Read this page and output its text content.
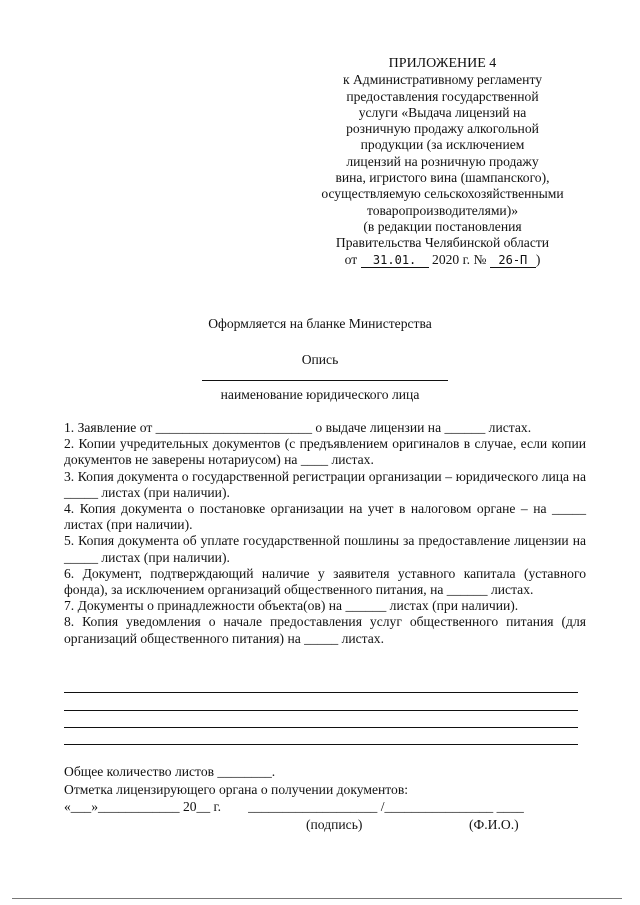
ПРИЛОЖЕНИЕ 4
к Административному регламенту
предоставления государственной
услуги «Выдача лицензий на
розничную продажу алкогольной
продукции (за исключением
лицензий на розничную продажу
вина, игристого вина (шампанского),
осуществляемую сельскохозяйственными
товаропроизводителями)»
(в редакции постановления
Правительства Челябинской области
от 31.01. 2020 г. № 26-П )
Оформляется на бланке Министерства
Опись
наименование юридического лица

1. Заявление от _______________________ о выдаче лицензии на ______ листах.

2. Копии учредительных документов (с предъявлением оригиналов в случае, если копии документов не заверены нотариусом) на ____ листах.

3. Копия документа о государственной регистрации организации – юридического лица на _____ листах (при наличии).

4. Копия документа о постановке организации на учет в налоговом органе – на _____ листах (при наличии).

5. Копия документа об уплате государственной пошлины за предоставление лицензии на _____ листах (при наличии).

6. Документ, подтверждающий наличие у заявителя уставного капитала (уставного фонда), за исключением организаций общественного питания, на ______ листах.

7. Документы о принадлежности объекта(ов) на ______ листах (при наличии).

8. Копия уведомления о начале предоставления услуг общественного питания (для организаций общественного питания) на _____ листах.

Общее количество листов ________.
Отметка лицензирующего органа о получении документов:
«___»____________ 20__ г.        ___________________ /________________ ____
(подпись)	(Ф.И.О.)
